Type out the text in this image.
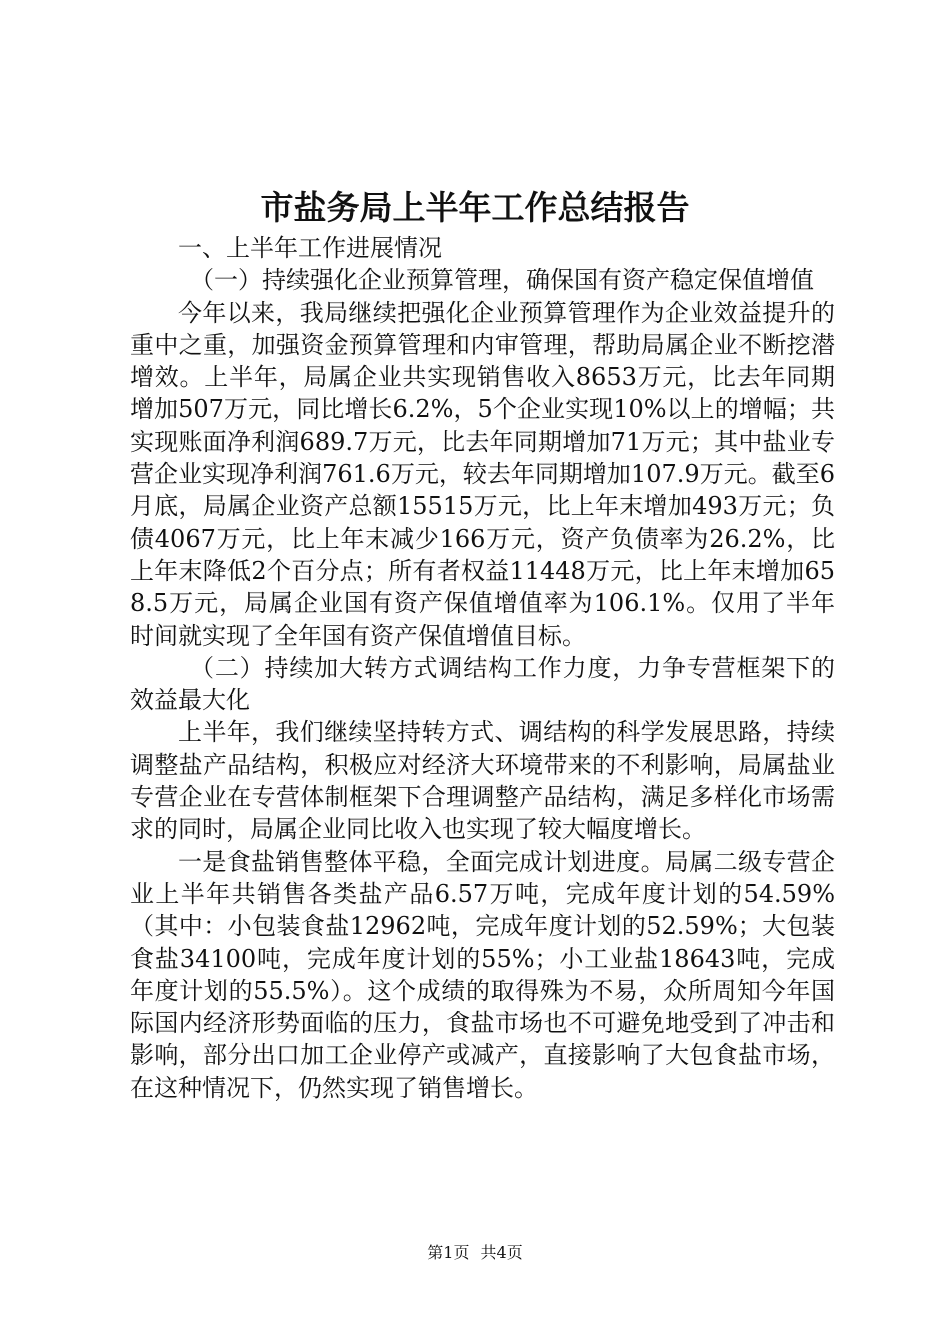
市盐务局上半年工作总结报告

一、上半年工作进展情况

（一）持续强化企业预算管理，确保国有资产稳定保值增值

今年以来，我局继续把强化企业预算管理作为企业效益提升的重中之重，加强资金预算管理和内审管理，帮助局属企业不断挖潜增效。上半年，局属企业共实现销售收入8653万元，比去年同期增加507万元，同比增长6.2%，5个企业实现10%以上的增幅；共实现账面净利润689.7万元，比去年同期增加71万元；其中盐业专营企业实现净利润761.6万元，较去年同期增加107.9万元。截至6月底，局属企业资产总额15515万元，比上年末增加493万元；负债4067万元，比上年末减少166万元，资产负债率为26.2%，比上年末降低2个百分点；所有者权益11448万元，比上年末增加658.5万元，局属企业国有资产保值增值率为106.1%。仅用了半年时间就实现了全年国有资产保值增值目标。

（二）持续加大转方式调结构工作力度，力争专营框架下的效益最大化

上半年，我们继续坚持转方式、调结构的科学发展思路，持续调整盐产品结构，积极应对经济大环境带来的不利影响，局属盐业专营企业在专营体制框架下合理调整产品结构，满足多样化市场需求的同时，局属企业同比收入也实现了较大幅度增长。

一是食盐销售整体平稳，全面完成计划进度。局属二级专营企业上半年共销售各类盐产品6.57万吨，完成年度计划的54.59%（其中：小包装食盐12962吨，完成年度计划的52.59%；大包装食盐34100吨，完成年度计划的55%；小工业盐18643吨，完成年度计划的55.5%）。这个成绩的取得殊为不易，众所周知今年国际国内经济形势面临的压力，食盐市场也不可避免地受到了冲击和影响，部分出口加工企业停产或减产，直接影响了大包食盐市场，在这种情况下，仍然实现了销售增长。

第1页 共4页
